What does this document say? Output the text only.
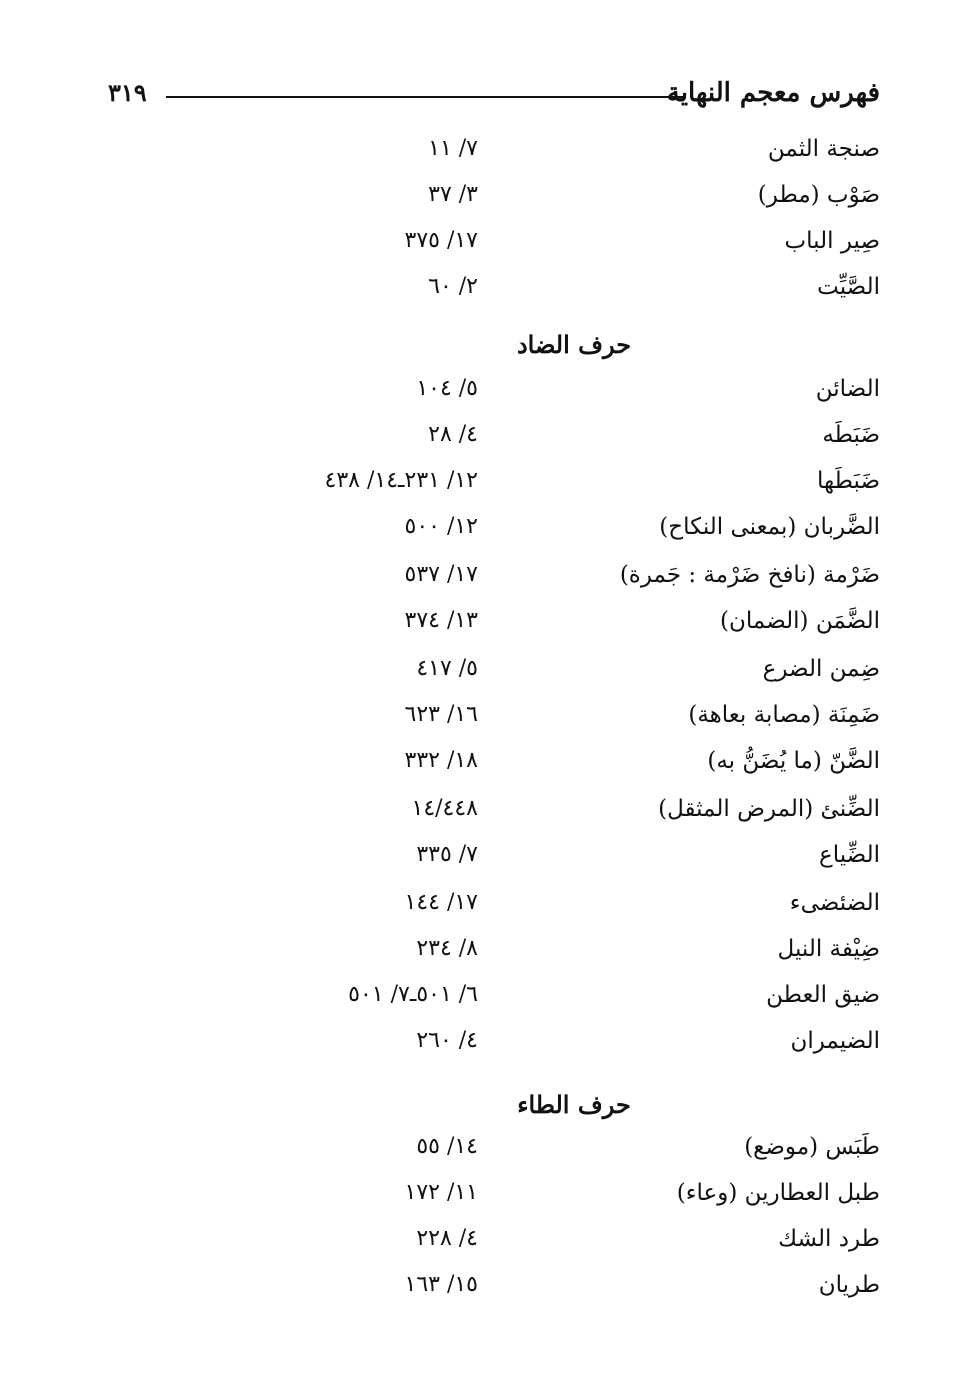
فهرس معجم النهاية
٣١٩
صنجة الثمن
٧/ ١١
صَوْب (مطر)
٣/ ٣٧
صِير الباب
١٧/ ٣٧٥
الصَّيِّت
٢/ ٦٠
حرف الضاد
الضائن
٥/ ١٠٤
ضَبَطَه
٤/ ٢٨
ضَبَطَها
١٢/ ٢٣١ـ١٤/ ٤٣٨
الضَّربان (بمعنى النكاح)
١٢/ ٥٠٠
ضَرْمة (نافخ ضَرْمة : جَمرة)
١٧/ ٥٣٧
الضَّمَن (الضمان)
١٣/ ٣٧٤
ضِمن الضرع
٥/ ٤١٧
ضَمِنَة (مصابة بعاهة)
١٦/ ٦٢٣
الضَّنّ (ما يُضَنُّ به)
١٨/ ٣٣٢
الضِّنئ (المرض المثقل)
١٤/٤٤٨
الضِّياع
٧/ ٣٣٥
الضئضىء
١٧/ ١٤٤
ضِيْفة النيل
٨/ ٢٣٤
ضيق العطن
٦/ ٥٠١ـ٧/ ٥٠١
الضيمران
٤/ ٢٦٠
حرف الطاء
طَبَس (موضع)
١٤/ ٥٥
طبل العطارين (وعاء)
١١/ ١٧٢
طرد الشك
٤/ ٢٢٨
طريان
١٥/ ١٦٣
